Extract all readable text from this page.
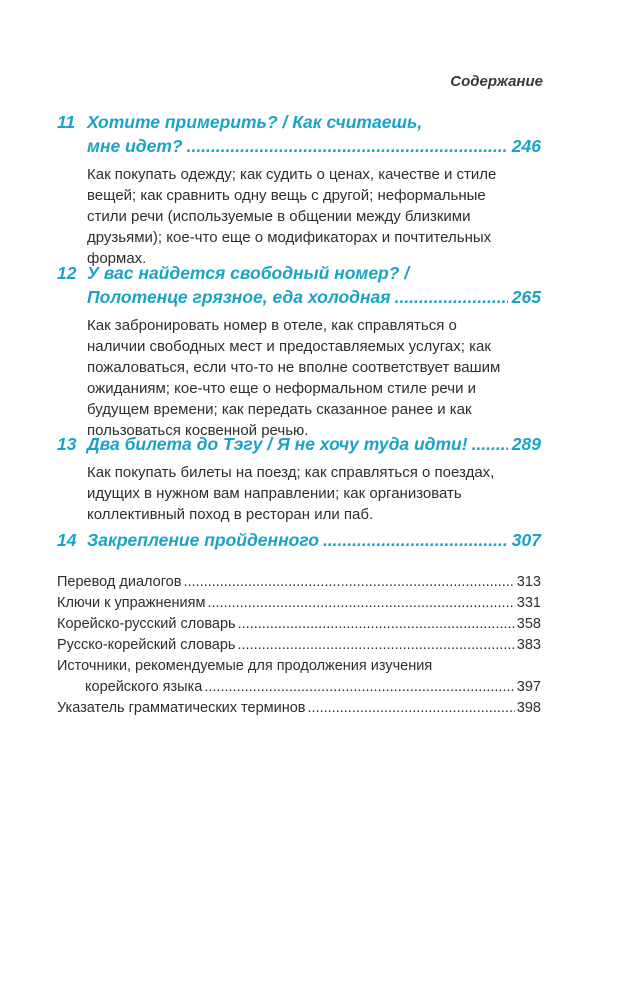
Содержание
11 Хотите примерить? / Как считаешь,
мне идет? .....	246

Как покупать одежду; как судить о ценах, качестве и стиле

вещей; как сравнить одну вещь с другой; неформальные

стили речи (используемые в общении между близкими

друзьями); кое-что еще о модификаторах и почтительных

формах.

12 У вас найдется свободный номер? /
Полотенце грязное, еда холодная .....	265

Как забронировать номер в отеле, как справляться о

наличии свободных мест и предоставляемых услугах; как

пожаловаться, если что-то не вполне соответствует вашим

ожиданиям; кое-что еще о неформальном стиле речи и

будущем времени; как передать сказанное ранее и как

пользоваться косвенной речью.

13 Два билета до Тэгу / Я не хочу туда идти! .....	289

Как покупать билеты на поезд; как справляться о поездах,

идущих в нужном вам направлении; как организовать

коллективный поход в ресторан или паб.

14 Закрепление пройденного .....	307
Перевод диалогов .....	313
Ключи к упражнениям .....	331
Корейско-русский словарь .....	358
Русско-корейский словарь .....	383
Источники, рекомендуемые для продолжения изучения
корейского языка .....	397
Указатель грамматических терминов .....	398
